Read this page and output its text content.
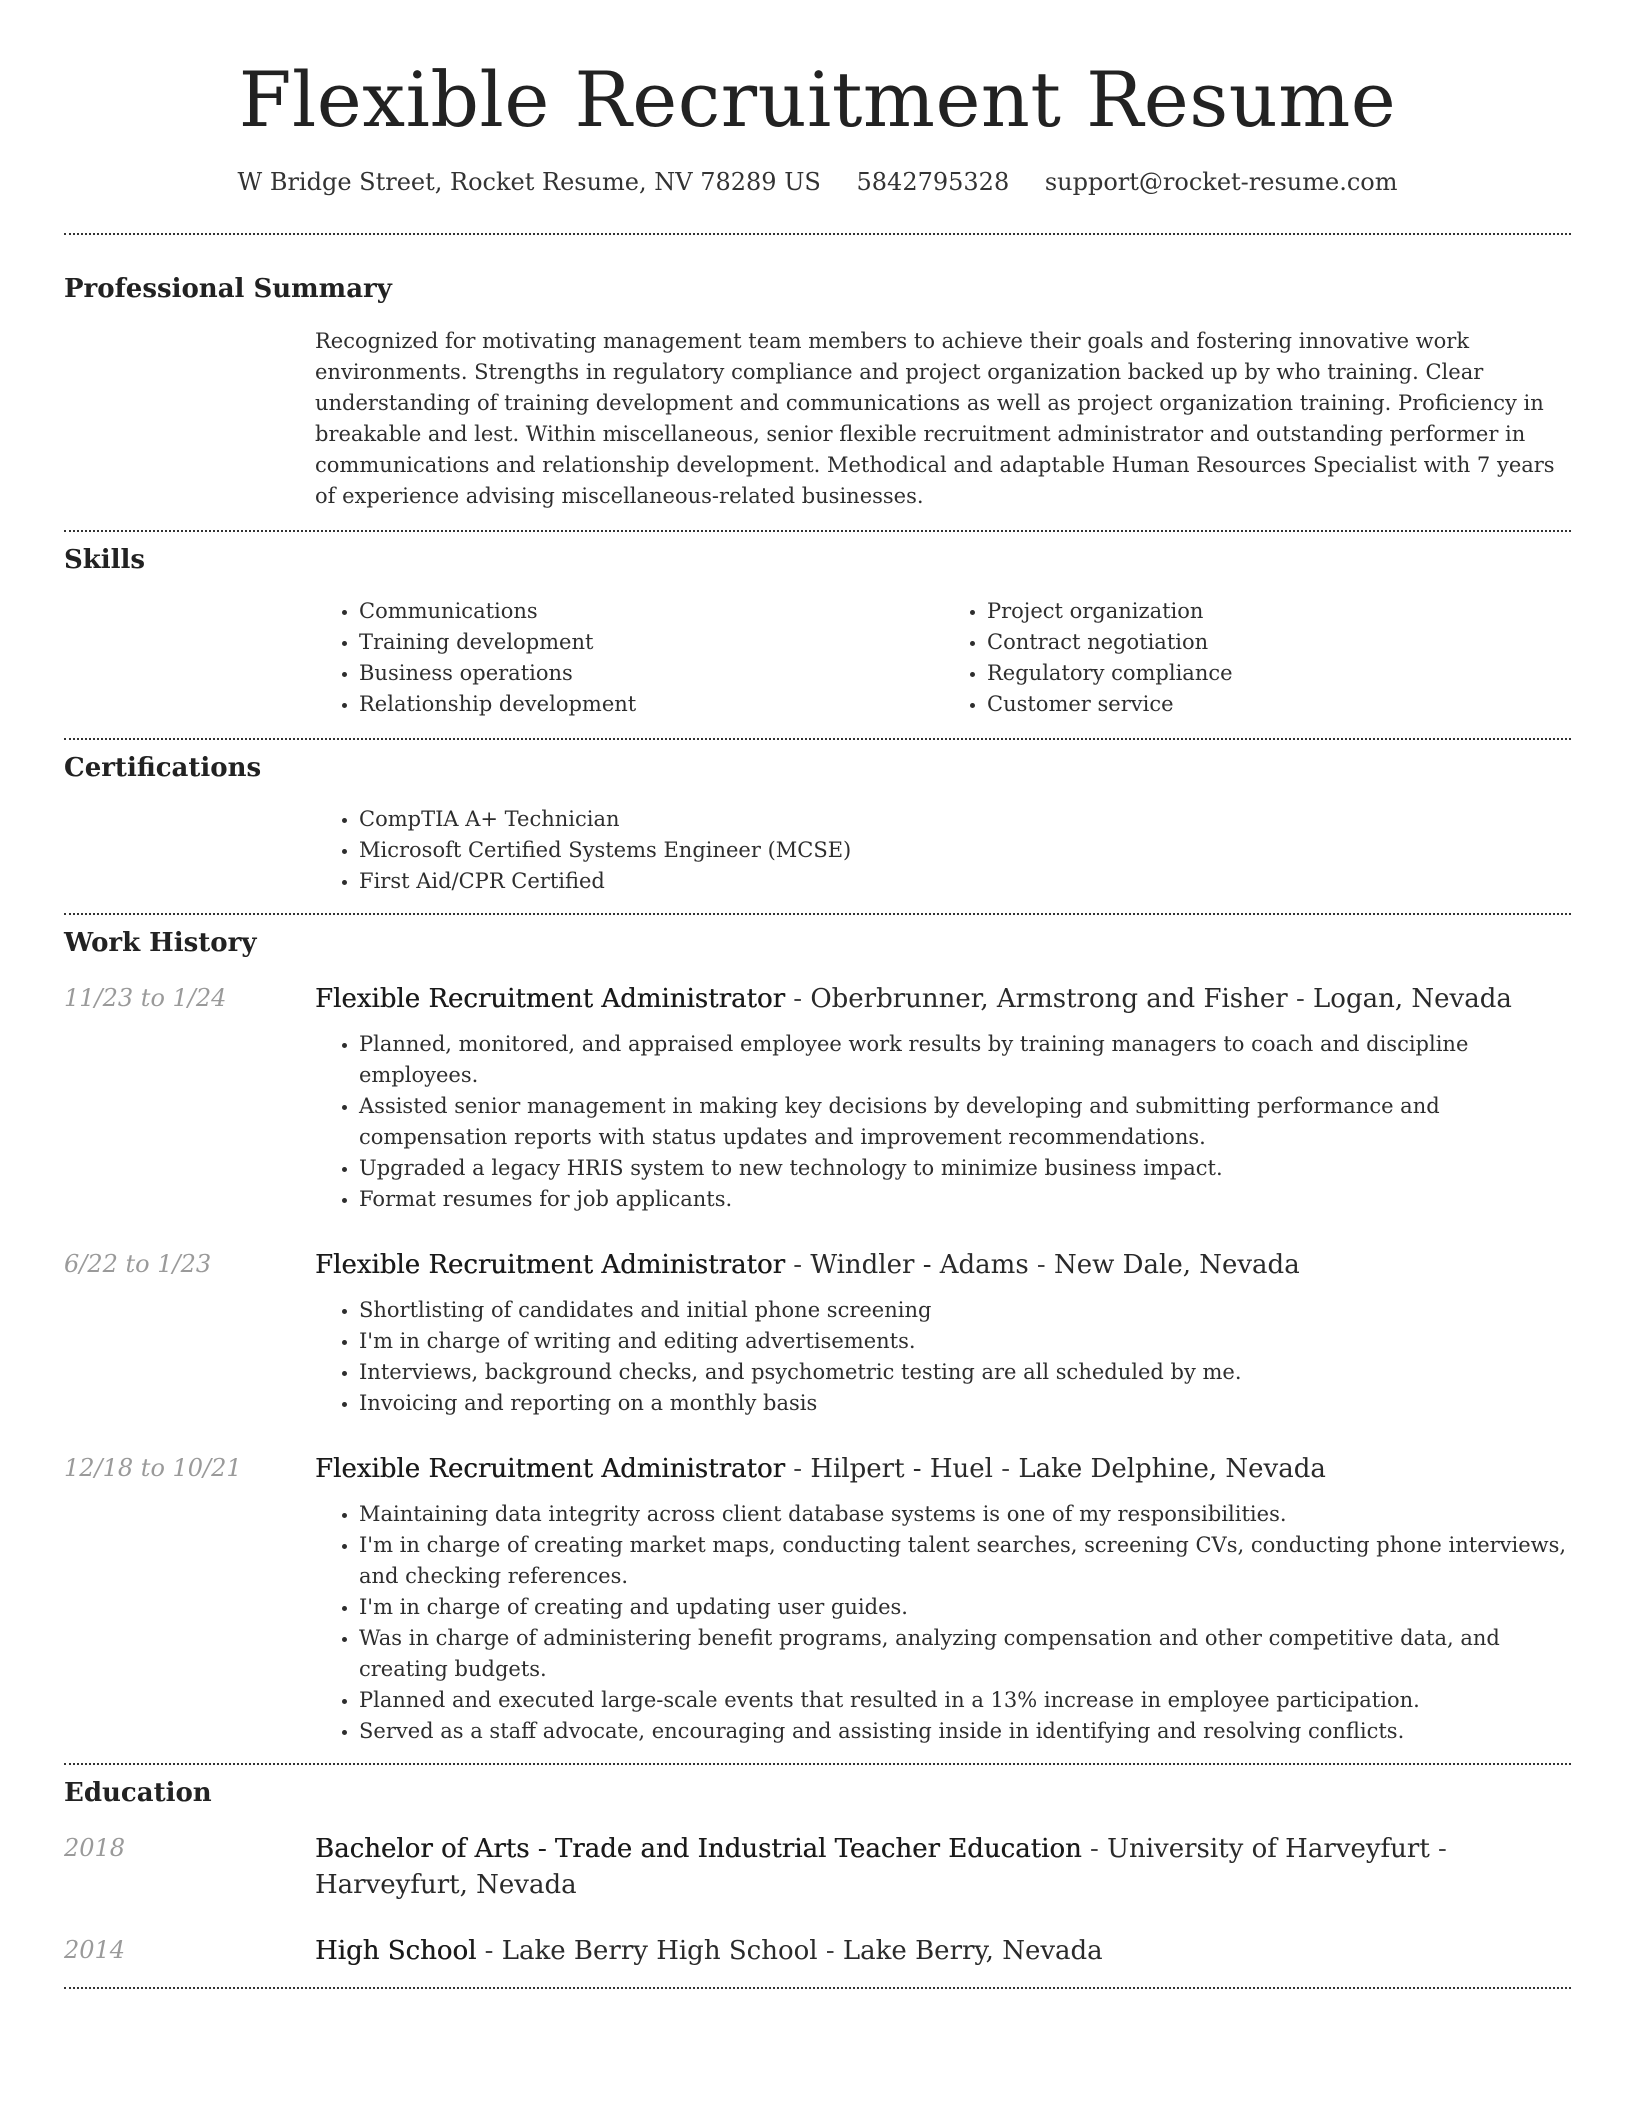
Flexible Recruitment Resume
W Bridge Street, Rocket Resume, NV 78289 US 5842795328 support@rocket-resume.com
Professional Summary

Recognized for motivating management team members to achieve their goals and fostering innovative work environments. Strengths in regulatory compliance and project organization backed up by who training. Clear understanding of training development and communications as well as project organization training. Proficiency in breakable and lest. Within miscellaneous, senior flexible recruitment administrator and outstanding performer in communications and relationship development. Methodical and adaptable Human Resources Specialist with 7 years of experience advising miscellaneous-related businesses.

Skills
• Communications
• Training development
• Business operations
• Relationship development
• Project organization
• Contract negotiation
• Regulatory compliance
• Customer service
Certifications
• CompTIA A+ Technician
• Microsoft Certified Systems Engineer (MCSE)
• First Aid/CPR Certified
Work History
11/23 to 1/24	Flexible Recruitment Administrator - Oberbrunner, Armstrong and Fisher - Logan, Nevada
• Planned, monitored, and appraised employee work results by training managers to coach and discipline employees.
• Assisted senior management in making key decisions by developing and submitting performance and compensation reports with status updates and improvement recommendations.
• Upgraded a legacy HRIS system to new technology to minimize business impact.
• Format resumes for job applicants.
6/22 to 1/23	Flexible Recruitment Administrator - Windler - Adams - New Dale, Nevada
• Shortlisting of candidates and initial phone screening
• I'm in charge of writing and editing advertisements.
• Interviews, background checks, and psychometric testing are all scheduled by me.
• Invoicing and reporting on a monthly basis
12/18 to 10/21	Flexible Recruitment Administrator - Hilpert - Huel - Lake Delphine, Nevada
• Maintaining data integrity across client database systems is one of my responsibilities.
• I'm in charge of creating market maps, conducting talent searches, screening CVs, conducting phone interviews, and checking references.
• I'm in charge of creating and updating user guides.
• Was in charge of administering benefit programs, analyzing compensation and other competitive data, and creating budgets.
• Planned and executed large-scale events that resulted in a 13% increase in employee participation.
• Served as a staff advocate, encouraging and assisting inside in identifying and resolving conflicts.
Education
2018	Bachelor of Arts - Trade and Industrial Teacher Education - University of Harveyfurt - Harveyfurt, Nevada
2014	High School - Lake Berry High School - Lake Berry, Nevada
